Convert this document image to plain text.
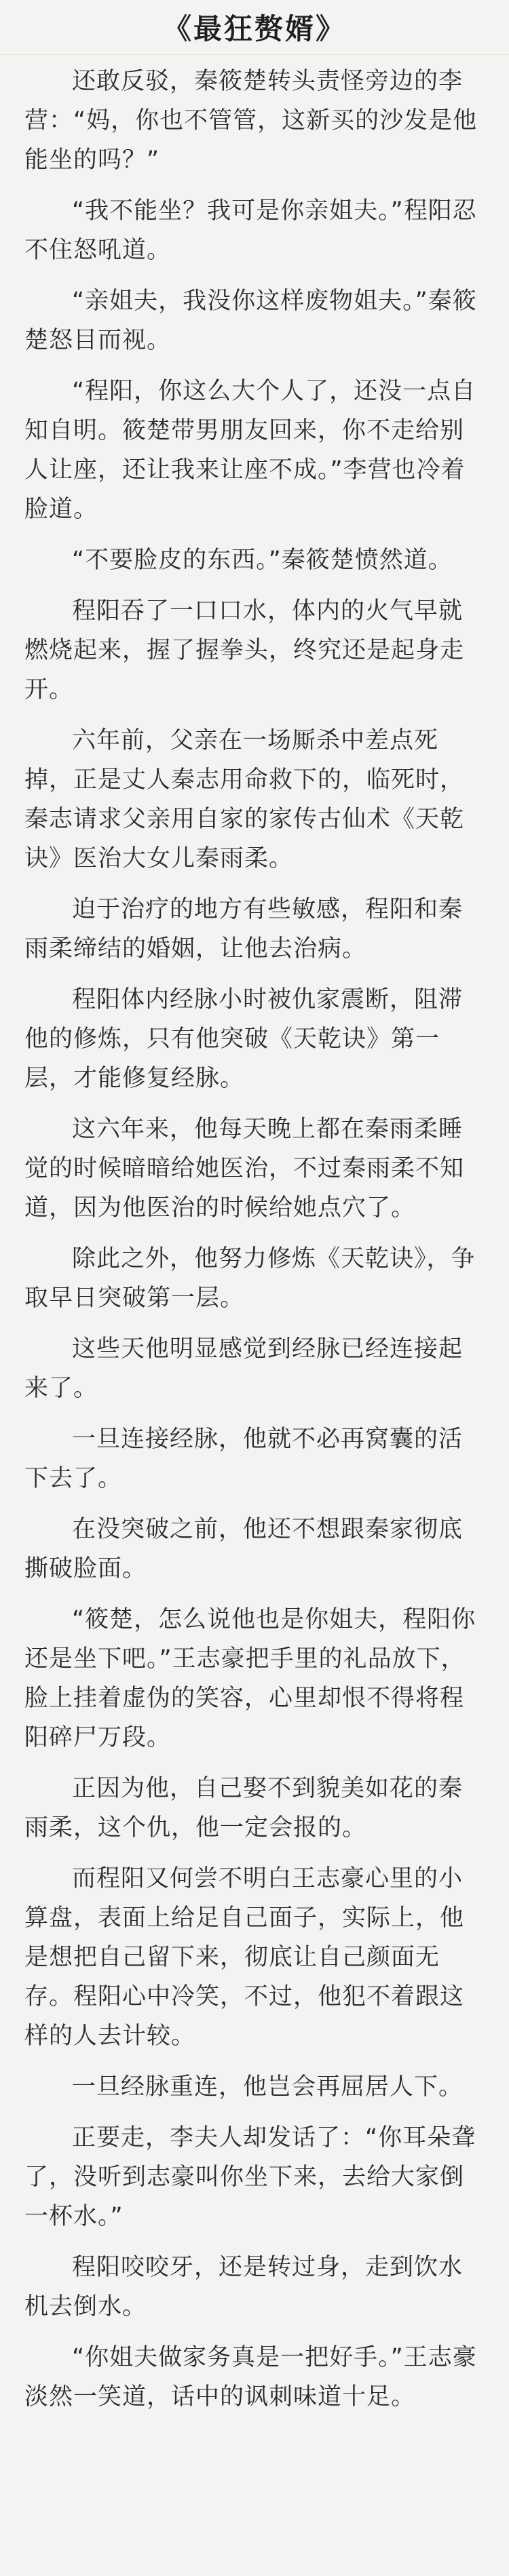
《最狂赘婿》

还敢反驳，秦筱楚转头责怪旁边的李营：“妈，你也不管管，这新买的沙发是他能坐的吗？”

“我不能坐？我可是你亲姐夫。”程阳忍不住怒吼道。

“亲姐夫，我没你这样废物姐夫。”秦筱楚怒目而视。

“程阳，你这么大个人了，还没一点自知自明。筱楚带男朋友回来，你不走给别人让座，还让我来让座不成。”李营也冷着脸道。

“不要脸皮的东西。”秦筱楚愤然道。

程阳吞了一口口水，体内的火气早就燃烧起来，握了握拳头，终究还是起身走开。

六年前，父亲在一场厮杀中差点死掉，正是丈人秦志用命救下的，临死时，秦志请求父亲用自家的家传古仙术《天乾诀》医治大女儿秦雨柔。

迫于治疗的地方有些敏感，程阳和秦雨柔缔结的婚姻，让他去治病。

程阳体内经脉小时被仇家震断，阻滞他的修炼，只有他突破《天乾诀》第一层，才能修复经脉。

这六年来，他每天晚上都在秦雨柔睡觉的时候暗暗给她医治，不过秦雨柔不知道，因为他医治的时候给她点穴了。

除此之外，他努力修炼《天乾诀》，争取早日突破第一层。

这些天他明显感觉到经脉已经连接起来了。

一旦连接经脉，他就不必再窝囊的活下去了。

在没突破之前，他还不想跟秦家彻底撕破脸面。

“筱楚，怎么说他也是你姐夫，程阳你还是坐下吧。”王志豪把手里的礼品放下，脸上挂着虚伪的笑容，心里却恨不得将程阳碎尸万段。

正因为他，自己娶不到貌美如花的秦雨柔，这个仇，他一定会报的。

而程阳又何尝不明白王志豪心里的小算盘，表面上给足自己面子，实际上，他是想把自己留下来，彻底让自己颜面无存。程阳心中冷笑，不过，他犯不着跟这样的人去计较。

一旦经脉重连，他岂会再屈居人下。

正要走，李夫人却发话了：“你耳朵聋了，没听到志豪叫你坐下来，去给大家倒一杯水。”

程阳咬咬牙，还是转过身，走到饮水机去倒水。

“你姐夫做家务真是一把好手。”王志豪淡然一笑道，话中的讽刺味道十足。
